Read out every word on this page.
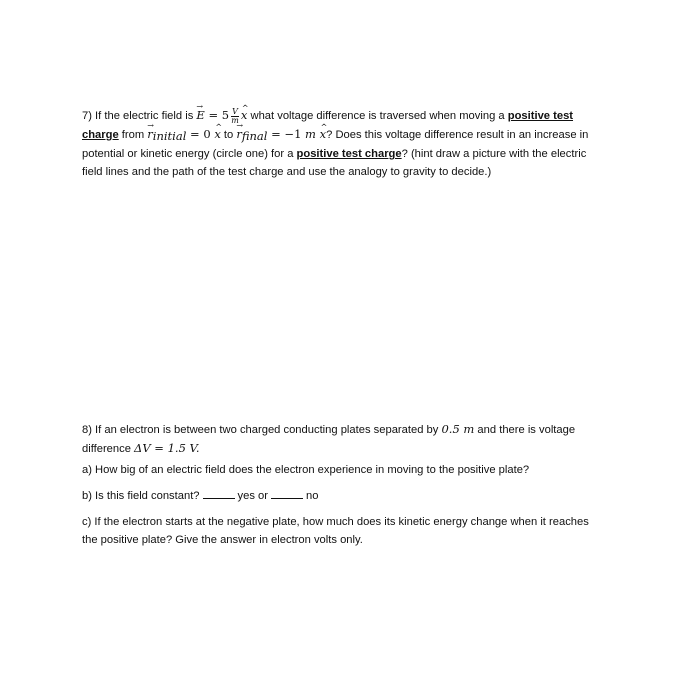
7) If the electric field is → $E = 5 \frac{V}{m}$
^ x what voltage difference is traversed when moving a positive test
charge from → $r_{initial} = 0$ ^ x to → $r_{final} = -1$ m ^ x? Does this voltage difference result in an increase in
potential or kinetic energy (circle one) for a positive test charge? (hint draw a picture with the electric
field lines and the path of the test charge and use the analogy to gravity to decide.)
8) If an electron is between two charged conducting plates separated by 0.5 m and there is voltage
difference ΔV = 1.5 V.
a) How big of an electric field does the electron experience in moving to the positive plate?
b) Is this field constant?	yes or	no
c) If the electron starts at the negative plate, how much does its kinetic energy change when it reaches
the positive plate? Give the answer in electron volts only.
